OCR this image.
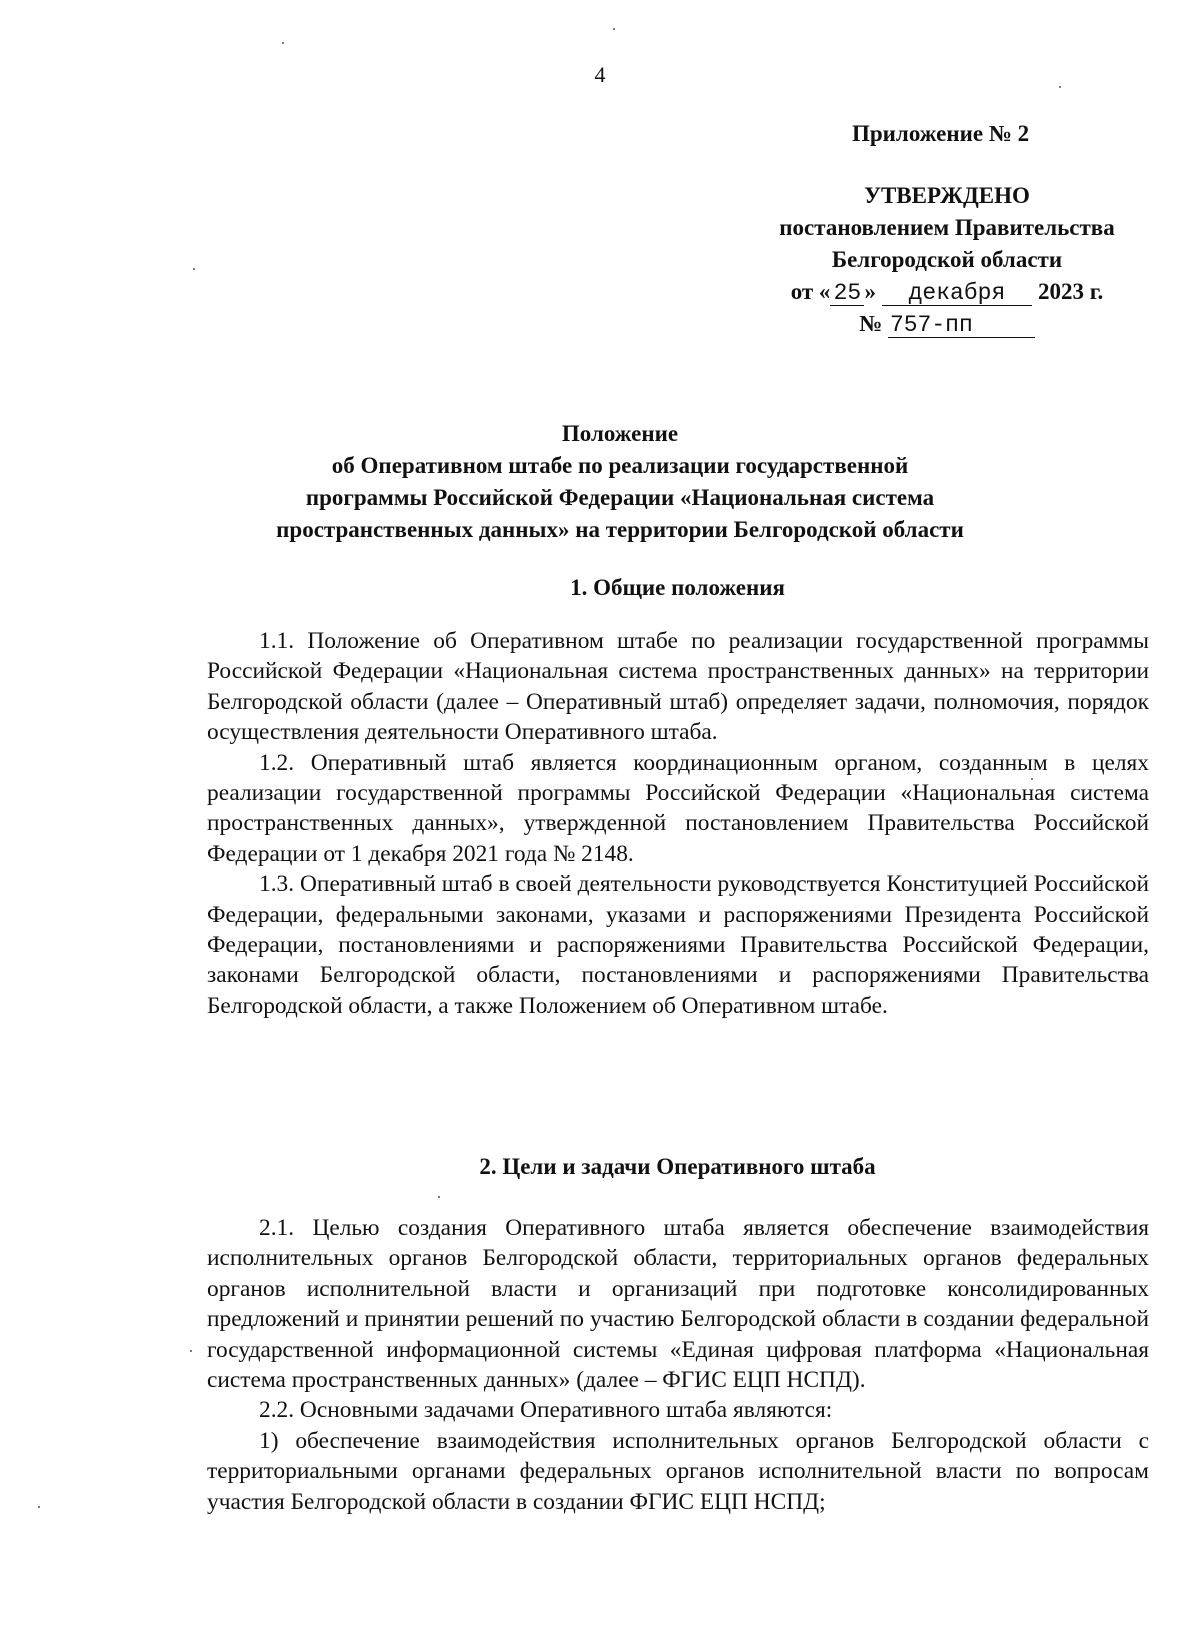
4
Приложение № 2
УТВЕРЖДЕНО
постановлением Правительства
Белгородской области
от « 25 » декабря 2023 г.
№ 757-пп
Положение
об Оперативном штабе по реализации государственной
программы Российской Федерации «Национальная система
пространственных данных» на территории Белгородской области
1. Общие положения

1.1. Положение об Оперативном штабе по реализации государственной программы Российской Федерации «Национальная система пространственных данных» на территории Белгородской области (далее – Оперативный штаб) определяет задачи, полномочия, порядок осуществления деятельности Оперативного штаба.

1.2. Оперативный штаб является координационным органом, созданным в целях реализации государственной программы Российской Федерации «Национальная система пространственных данных», утвержденной постановлением Правительства Российской Федерации от 1 декабря 2021 года № 2148.

1.3. Оперативный штаб в своей деятельности руководствуется Конституцией Российской Федерации, федеральными законами, указами и распоряжениями Президента Российской Федерации, постановлениями и распоряжениями Правительства Российской Федерации, законами Белгородской области, постановлениями и распоряжениями Правительства Белгородской области, а также Положением об Оперативном штабе.

2. Цели и задачи Оперативного штаба

2.1. Целью создания Оперативного штаба является обеспечение взаимодействия исполнительных органов Белгородской области, территориальных органов федеральных органов исполнительной власти и организаций при подготовке консолидированных предложений и принятии решений по участию Белгородской области в создании федеральной государственной информационной системы «Единая цифровая платформа «Национальная система пространственных данных» (далее – ФГИС ЕЦП НСПД).

2.2. Основными задачами Оперативного штаба являются:

1) обеспечение взаимодействия исполнительных органов Белгородской области с территориальными органами федеральных органов исполнительной власти по вопросам участия Белгородской области в создании ФГИС ЕЦП НСПД;
